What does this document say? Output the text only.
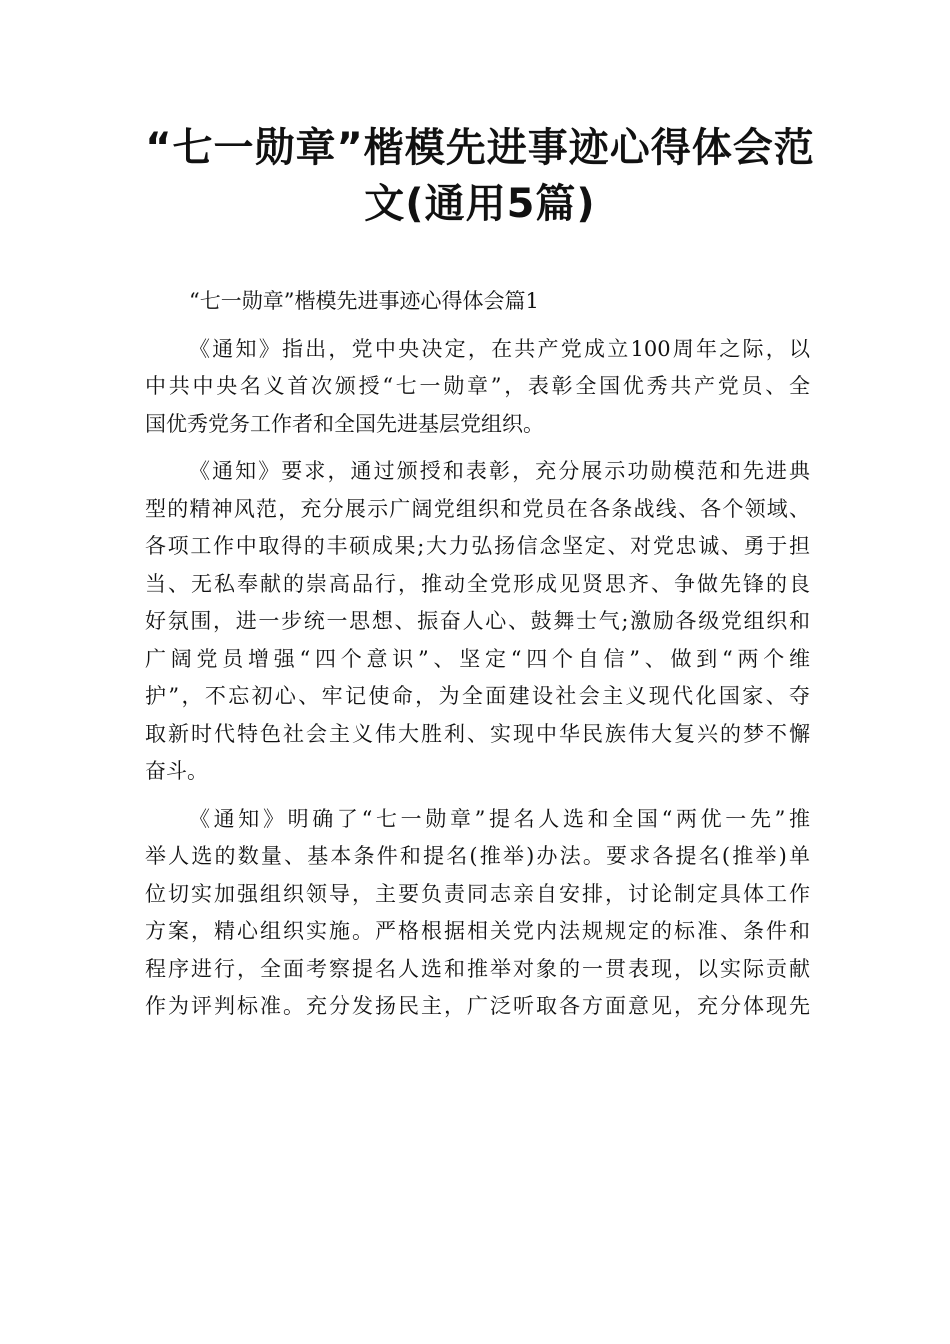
“七一勋章”楷模先进事迹心得体会范
文(通用5篇)

“七一勋章”楷模先进事迹心得体会篇1

《通知》指出，党中央决定，在共产党成立100周年之际，以
中共中央名义首次颁授“七一勋章”，表彰全国优秀共产党员、全
国优秀党务工作者和全国先进基层党组织。

《通知》要求，通过颁授和表彰，充分展示功勋模范和先进典
型的精神风范，充分展示广阔党组织和党员在各条战线、各个领域、
各项工作中取得的丰硕成果;大力弘扬信念坚定、对党忠诚、勇于担
当、无私奉献的崇高品行，推动全党形成见贤思齐、争做先锋的良
好氛围，进一步统一思想、振奋人心、鼓舞士气;激励各级党组织和
广阔党员增强“四个意识”、坚定“四个自信”、做到“两个维
护”，不忘初心、牢记使命，为全面建设社会主义现代化国家、夺
取新时代特色社会主义伟大胜利、实现中华民族伟大复兴的梦不懈
奋斗。

《通知》明确了“七一勋章”提名人选和全国“两优一先”推
举人选的数量、基本条件和提名(推举)办法。要求各提名(推举)单
位切实加强组织领导，主要负责同志亲自安排，讨论制定具体工作
方案，精心组织实施。严格根据相关党内法规规定的标准、条件和
程序进行，全面考察提名人选和推举对象的一贯表现，以实际贡献
作为评判标准。充分发扬民主，广泛听取各方面意见，充分体现先
